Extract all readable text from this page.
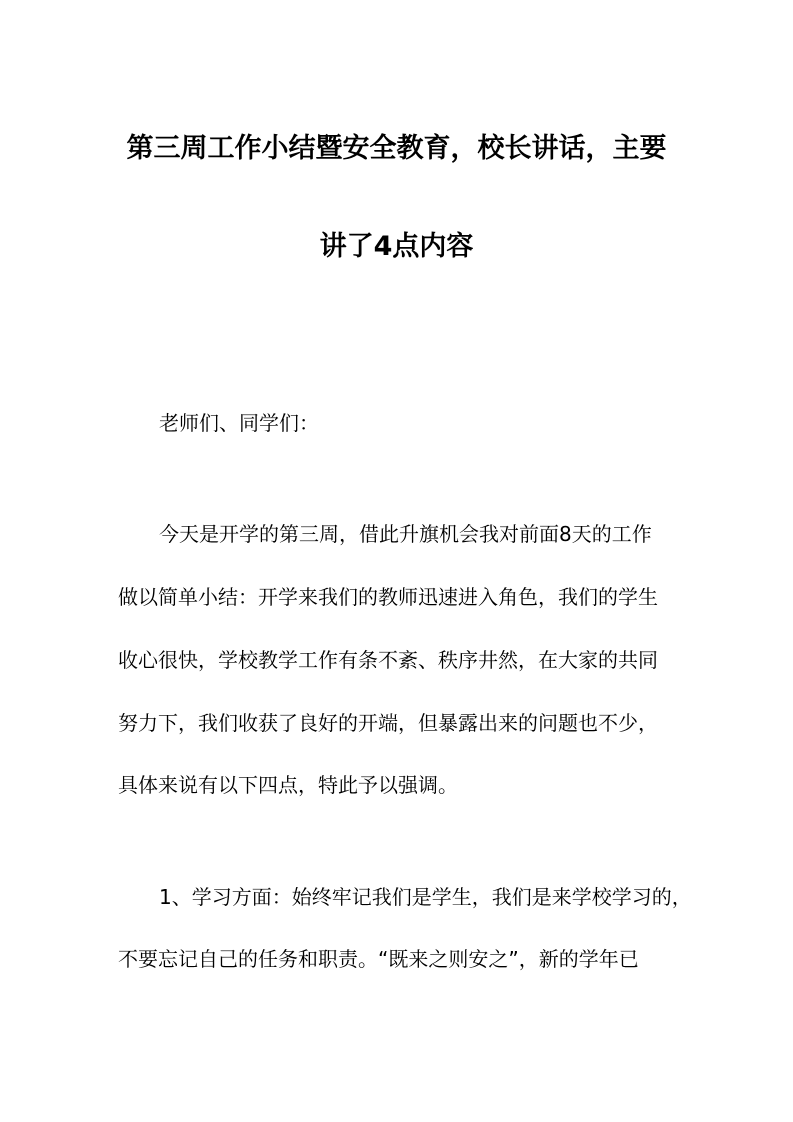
第三周工作小结暨安全教育，校长讲话，主要
讲了4点内容
老师们、同学们：
今天是开学的第三周，借此升旗机会我对前面8天的工作
做以简单小结：开学来我们的教师迅速进入角色，我们的学生
收心很快，学校教学工作有条不紊、秩序井然，在大家的共同
努力下，我们收获了良好的开端，但暴露出来的问题也不少，
具体来说有以下四点，特此予以强调。
1、学习方面：始终牢记我们是学生，我们是来学校学习的，
不要忘记自己的任务和职责。“既来之则安之”，新的学年已
